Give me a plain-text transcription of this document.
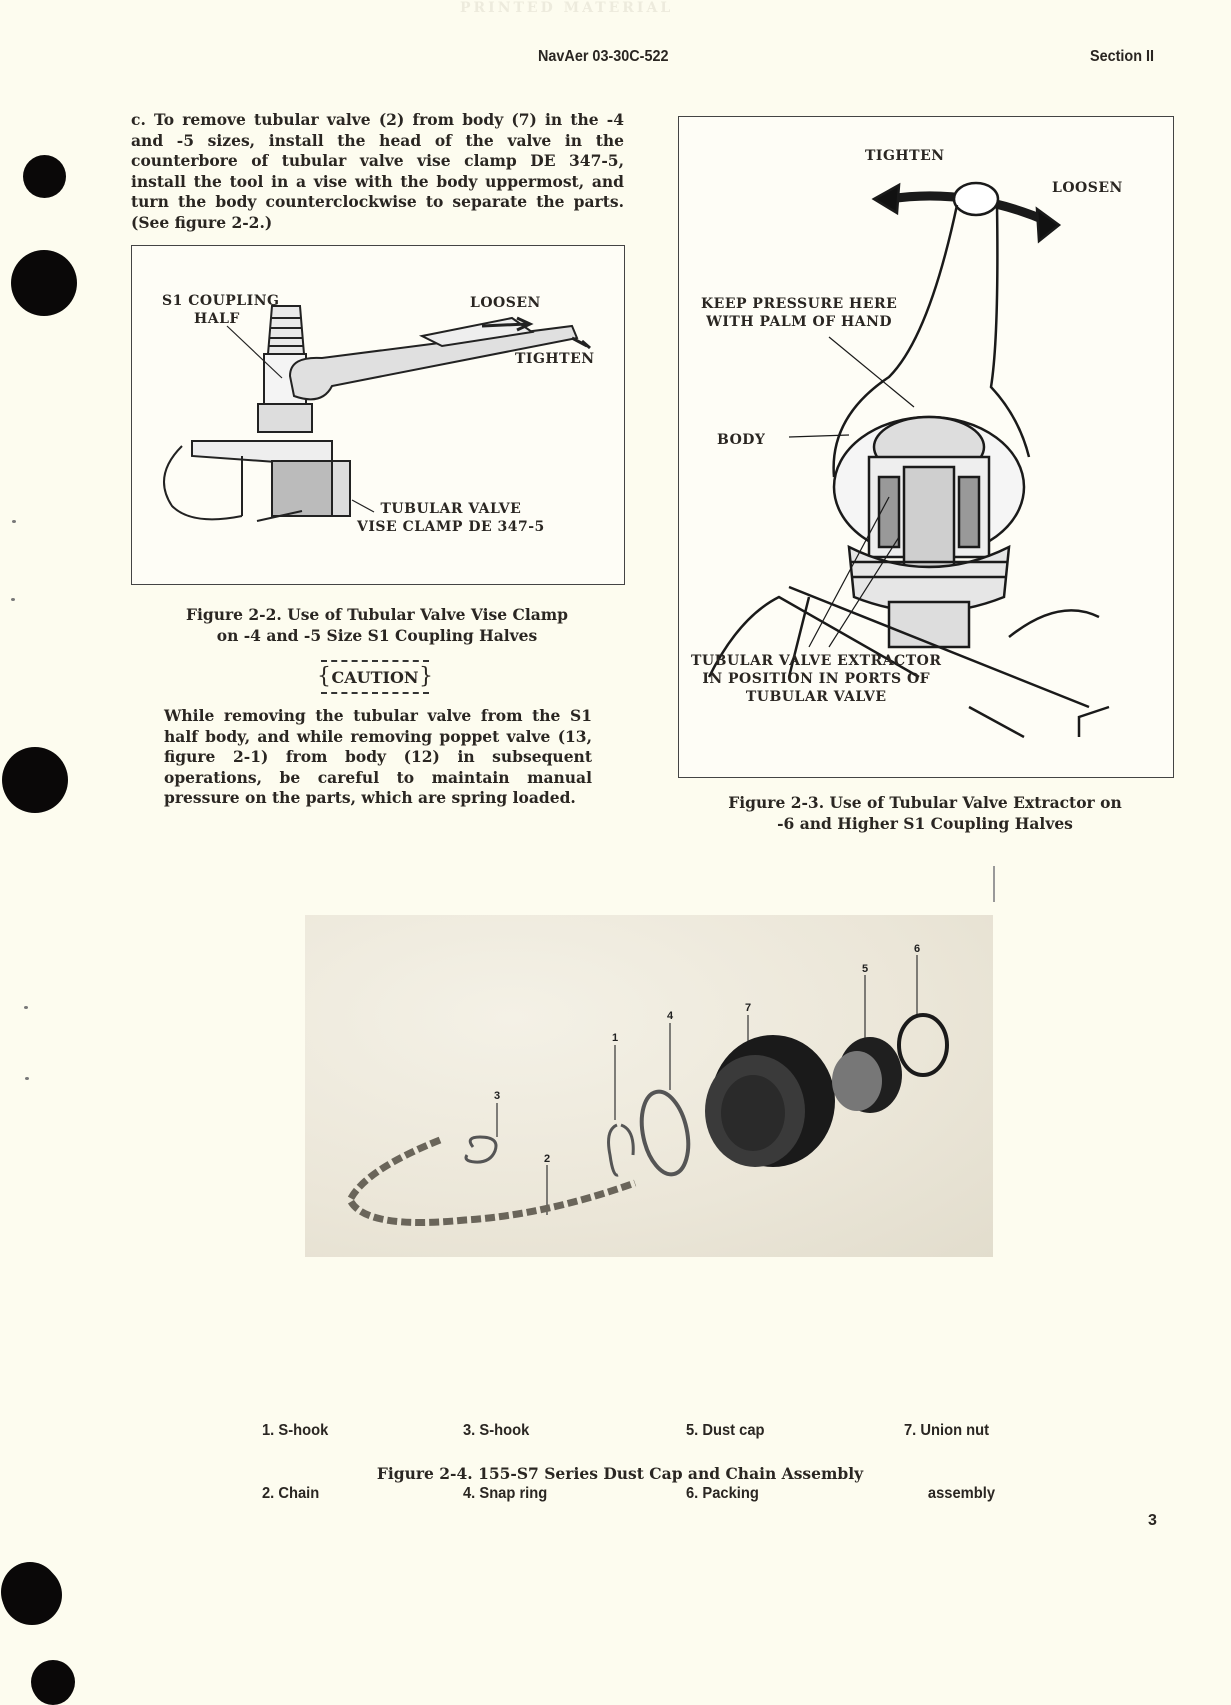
PRINTED MATERIAL
NavAer 03-30C-522	Section II
c. To remove tubular valve (2) from body (7) in the -4 and -5 sizes, install the head of the valve in the counterbore of tubular valve vise clamp DE 347-5, install the tool in a vise with the body uppermost, and turn the body counterclockwise to separate the parts. (See figure 2-2.)
S1 COUPLING
HALF
LOOSEN
TIGHTEN
TUBULAR VALVE
VISE CLAMP DE 347-5
Figure 2-2. Use of Tubular Valve Vise Clamp
on -4 and -5 Size S1 Coupling Halves
{ CAUTION }
While removing the tubular valve from the S1 half body, and while removing poppet valve (13, figure 2-1) from body (12) in subsequent operations, be careful to maintain manual pressure on the parts, which are spring loaded.
TIGHTEN
LOOSEN
KEEP PRESSURE HERE
WITH PALM OF HAND
BODY
TUBULAR VALVE EXTRACTOR
IN POSITION IN PORTS OF
TUBULAR VALVE
Figure 2-3. Use of Tubular Valve Extractor on
-6 and Higher S1 Coupling Halves
3
2
1
4
7
5
6

1. S-hook

2. Chain

3. S-hook

4. Snap ring

5. Dust cap

6. Packing

7. Union nut

assembly

Figure 2-4. 155-S7 Series Dust Cap and Chain Assembly
3
